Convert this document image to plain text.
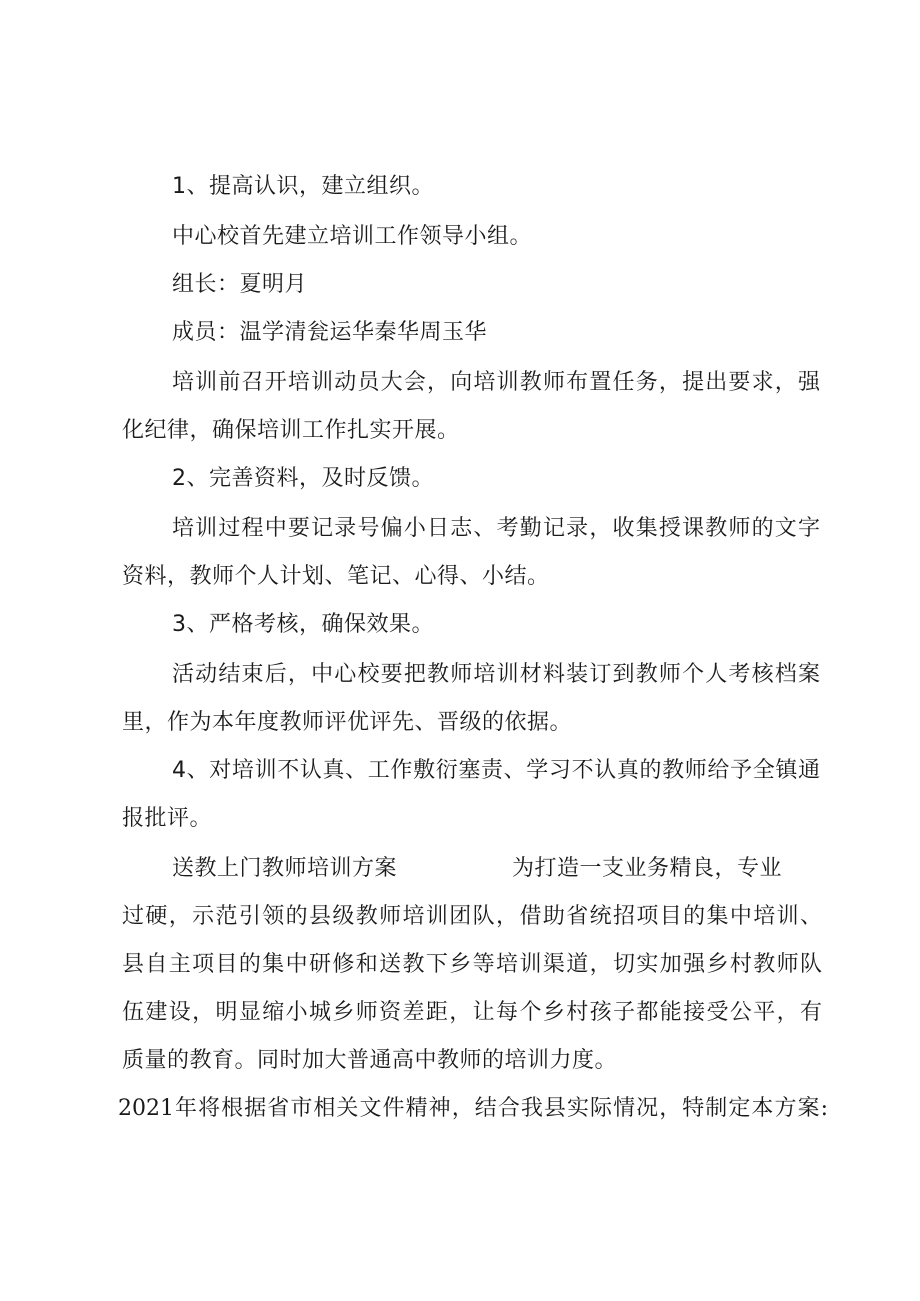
1、提高认识，建立组织。

中心校首先建立培训工作领导小组。

组长：夏明月

成员：温学清瓮运华秦华周玉华

培训前召开培训动员大会，向培训教师布置任务，提出要求，强

化纪律，确保培训工作扎实开展。

2、完善资料，及时反馈。

培训过程中要记录号偏小日志、考勤记录，收集授课教师的文字

资料，教师个人计划、笔记、心得、小结。

3、严格考核，确保效果。

活动结束后，中心校要把教师培训材料装订到教师个人考核档案

里，作为本年度教师评优评先、晋级的依据。

4、对培训不认真、工作敷衍塞责、学习不认真的教师给予全镇通

报批评。

送教上门教师培训方案	为打造一支业务精良，专业

过硬，示范引领的县级教师培训团队，借助省统招项目的集中培训、

县自主项目的集中研修和送教下乡等培训渠道，切实加强乡村教师队

伍建设，明显缩小城乡师资差距，让每个乡村孩子都能接受公平，有

质量的教育。同时加大普通高中教师的培训力度。

2021年将根据省市相关文件精神，结合我县实际情况，特制定本方案:
